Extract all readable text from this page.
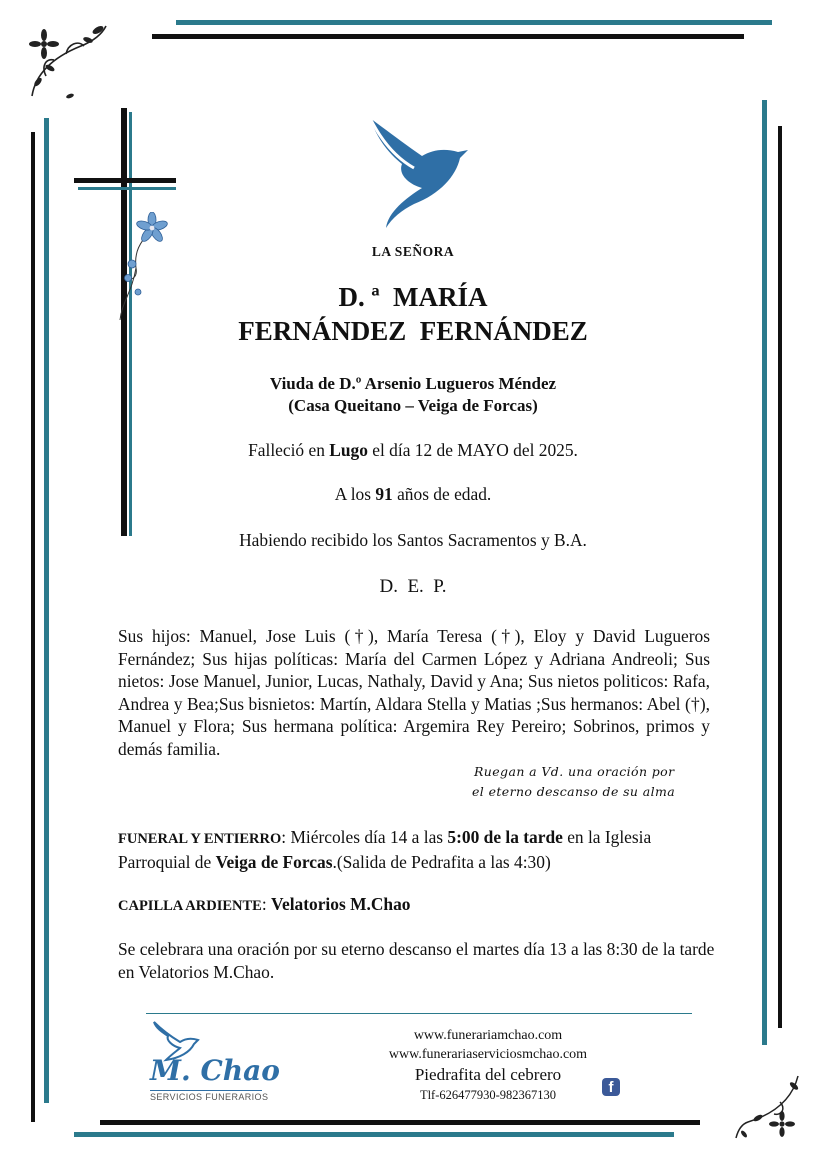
LA SEÑORA
D. ª  MARÍA
FERNÁNDEZ  FERNÁNDEZ
Viuda de D.º Arsenio Lugueros Méndez
(Casa Queitano – Veiga de Forcas)
Falleció en Lugo el día 12 de MAYO del 2025.
A los 91 años de edad.
Habiendo recibido los Santos Sacramentos y B.A.
D.  E.  P.
Sus hijos: Manuel, Jose Luis (†), María Teresa (†), Eloy y David Lugueros Fernández; Sus hijas políticas: María del Carmen López y Adriana Andreoli; Sus nietos: Jose Manuel, Junior, Lucas, Nathaly, David y Ana; Sus nietos politicos: Rafa, Andrea y Bea;Sus bisnietos: Martín, Aldara Stella y Matias ;Sus hermanos: Abel (†), Manuel y Flora; Sus hermana política: Argemira Rey Pereiro; Sobrinos, primos y demás familia.
Ruegan a Vd. una oración por
el eterno descanso de su alma
FUNERAL Y ENTIERRO: Miércoles día 14 a las 5:00 de la tarde en la Iglesia Parroquial de Veiga de Forcas.(Salida de Pedrafita a las 4:30)
CAPILLA ARDIENTE: Velatorios M.Chao
Se celebrara una oración por su eterno descanso el martes día 13 a las 8:30 de la tarde en Velatorios M.Chao.
M. Chao
SERVICIOS FUNERARIOS
www.funerariamchao.com
www.funerariaserviciosmchao.com
Piedrafita del cebrero
Tlf-626477930-982367130	f
